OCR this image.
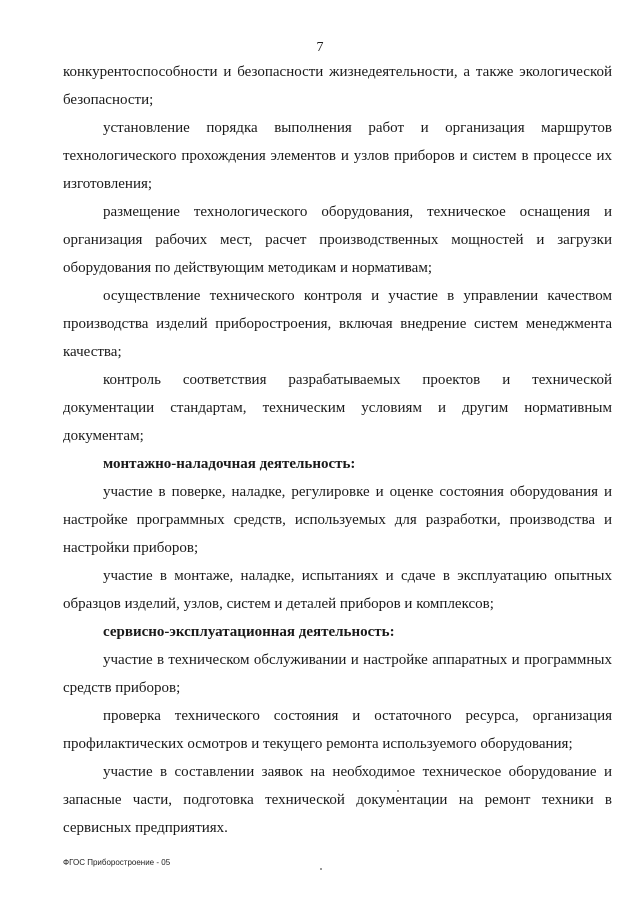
7

конкурентоспособности и безопасности жизнедеятельности, а также экологической безопасности;

установление порядка выполнения работ и организация маршрутов технологического прохождения элементов и узлов приборов и систем в процессе их изготовления;

размещение технологического оборудования, техническое оснащения и организация рабочих мест, расчет производственных мощностей и загрузки оборудования по действующим методикам и нормативам;

осуществление технического контроля и участие в управлении качеством производства изделий приборостроения, включая внедрение систем менеджмента качества;

контроль соответствия разрабатываемых проектов и технической документации стандартам, техническим условиям и другим нормативным документам;

монтажно-наладочная деятельность:

участие в поверке, наладке, регулировке и оценке состояния оборудования и настройке программных средств, используемых для разработки, производства и настройки приборов;

участие в монтаже, наладке, испытаниях и сдаче в эксплуатацию опытных образцов изделий, узлов, систем и деталей приборов и комплексов;

сервисно-эксплуатационная деятельность:

участие в техническом обслуживании и настройке аппаратных и программных средств приборов;

проверка технического состояния и остаточного ресурса, организация профилактических осмотров и текущего ремонта используемого оборудования;

участие в составлении заявок на необходимое техническое оборудование и запасные части, подготовка технической документации на ремонт техники в сервисных предприятиях.

ФГОС Приборостроение - 05
